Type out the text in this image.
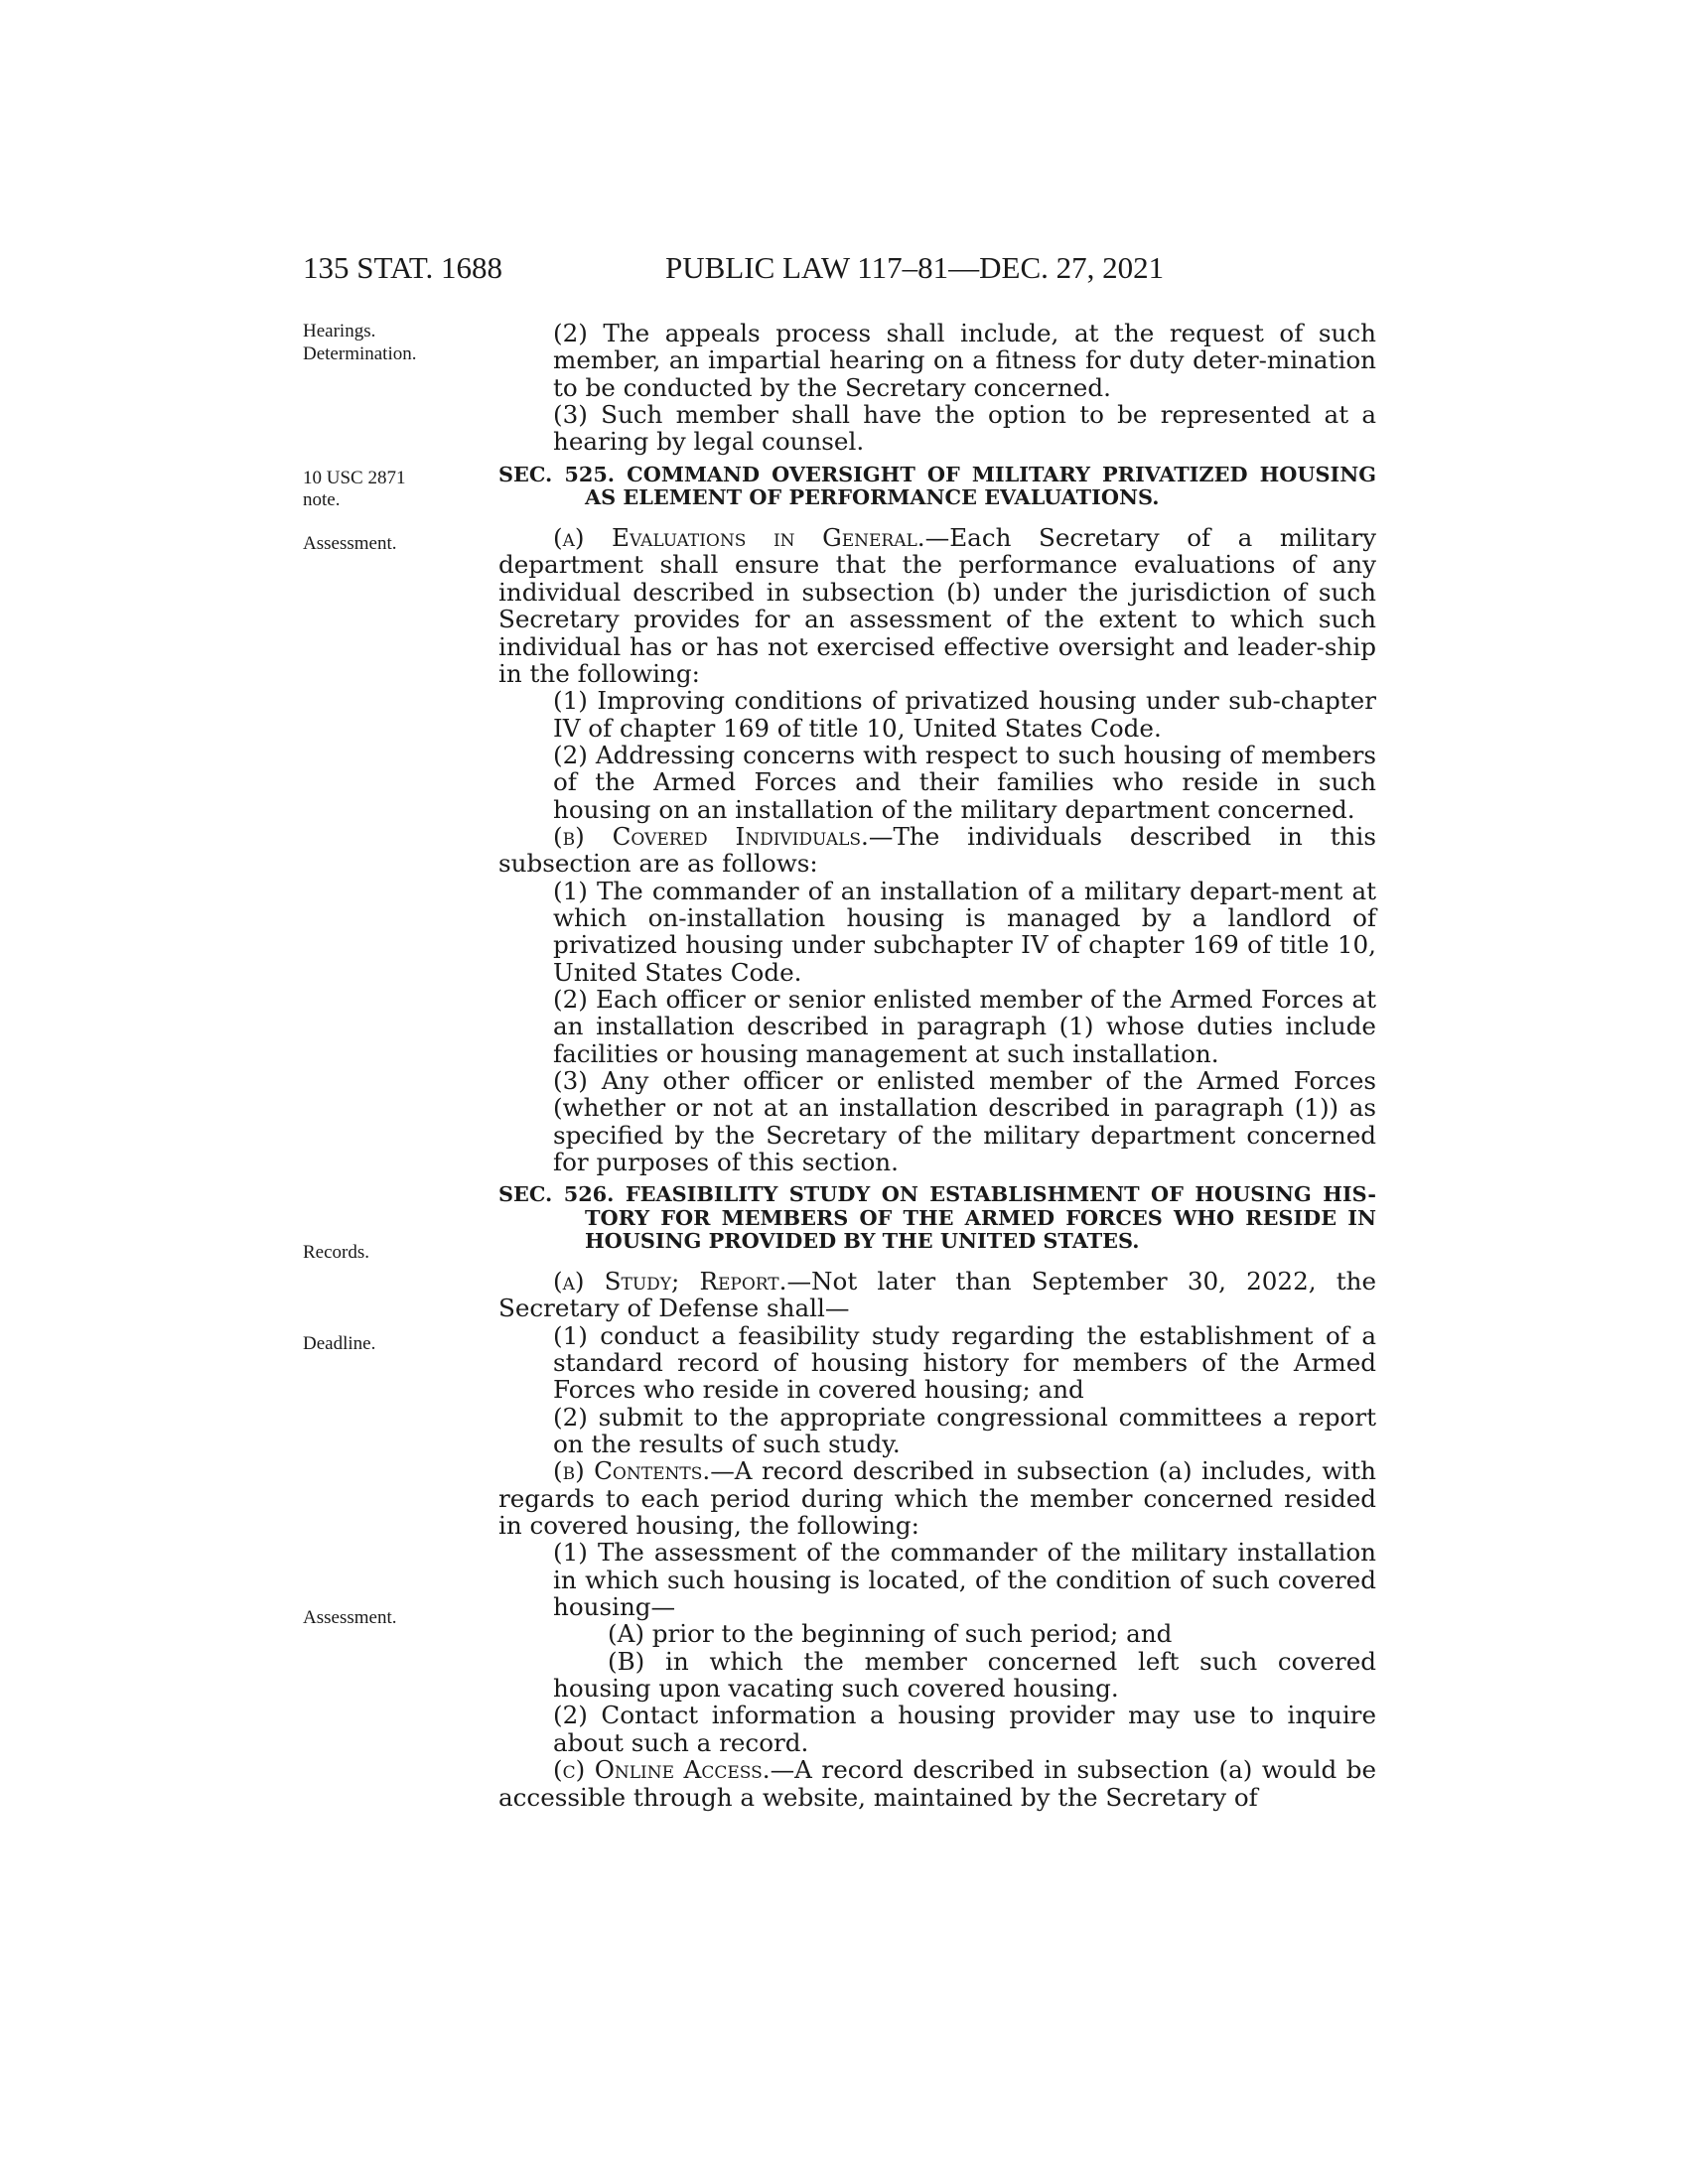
135 STAT. 1688	PUBLIC LAW 117–81—DEC. 27, 2021
Hearings.
Determination.
10 USC 2871
note.
Assessment.
Records.
Deadline.
Assessment.

(2) The appeals process shall include, at the request of such member, an impartial hearing on a fitness for duty deter-mination to be conducted by the Secretary concerned.

(3) Such member shall have the option to be represented at a hearing by legal counsel.

SEC. 525. COMMAND OVERSIGHT OF MILITARY PRIVATIZED HOUSING AS ELEMENT OF PERFORMANCE EVALUATIONS.

(a) Evaluations in General.—Each Secretary of a military department shall ensure that the performance evaluations of any individual described in subsection (b) under the jurisdiction of such Secretary provides for an assessment of the extent to which such individual has or has not exercised effective oversight and leader-ship in the following:

(1) Improving conditions of privatized housing under sub-chapter IV of chapter 169 of title 10, United States Code.

(2) Addressing concerns with respect to such housing of members of the Armed Forces and their families who reside in such housing on an installation of the military department concerned.

(b) Covered Individuals.—The individuals described in this subsection are as follows:

(1) The commander of an installation of a military depart-ment at which on-installation housing is managed by a landlord of privatized housing under subchapter IV of chapter 169 of title 10, United States Code.

(2) Each officer or senior enlisted member of the Armed Forces at an installation described in paragraph (1) whose duties include facilities or housing management at such installation.

(3) Any other officer or enlisted member of the Armed Forces (whether or not at an installation described in paragraph (1)) as specified by the Secretary of the military department concerned for purposes of this section.

SEC. 526. FEASIBILITY STUDY ON ESTABLISHMENT OF HOUSING HIS-TORY FOR MEMBERS OF THE ARMED FORCES WHO RESIDE IN HOUSING PROVIDED BY THE UNITED STATES.

(a) Study; Report.—Not later than September 30, 2022, the Secretary of Defense shall—

(1) conduct a feasibility study regarding the establishment of a standard record of housing history for members of the Armed Forces who reside in covered housing; and

(2) submit to the appropriate congressional committees a report on the results of such study.

(b) Contents.—A record described in subsection (a) includes, with regards to each period during which the member concerned resided in covered housing, the following:

(1) The assessment of the commander of the military installation in which such housing is located, of the condition of such covered housing—

(A) prior to the beginning of such period; and

(B) in which the member concerned left such covered housing upon vacating such covered housing.

(2) Contact information a housing provider may use to inquire about such a record.

(c) Online Access.—A record described in subsection (a) would be accessible through a website, maintained by the Secretary of
